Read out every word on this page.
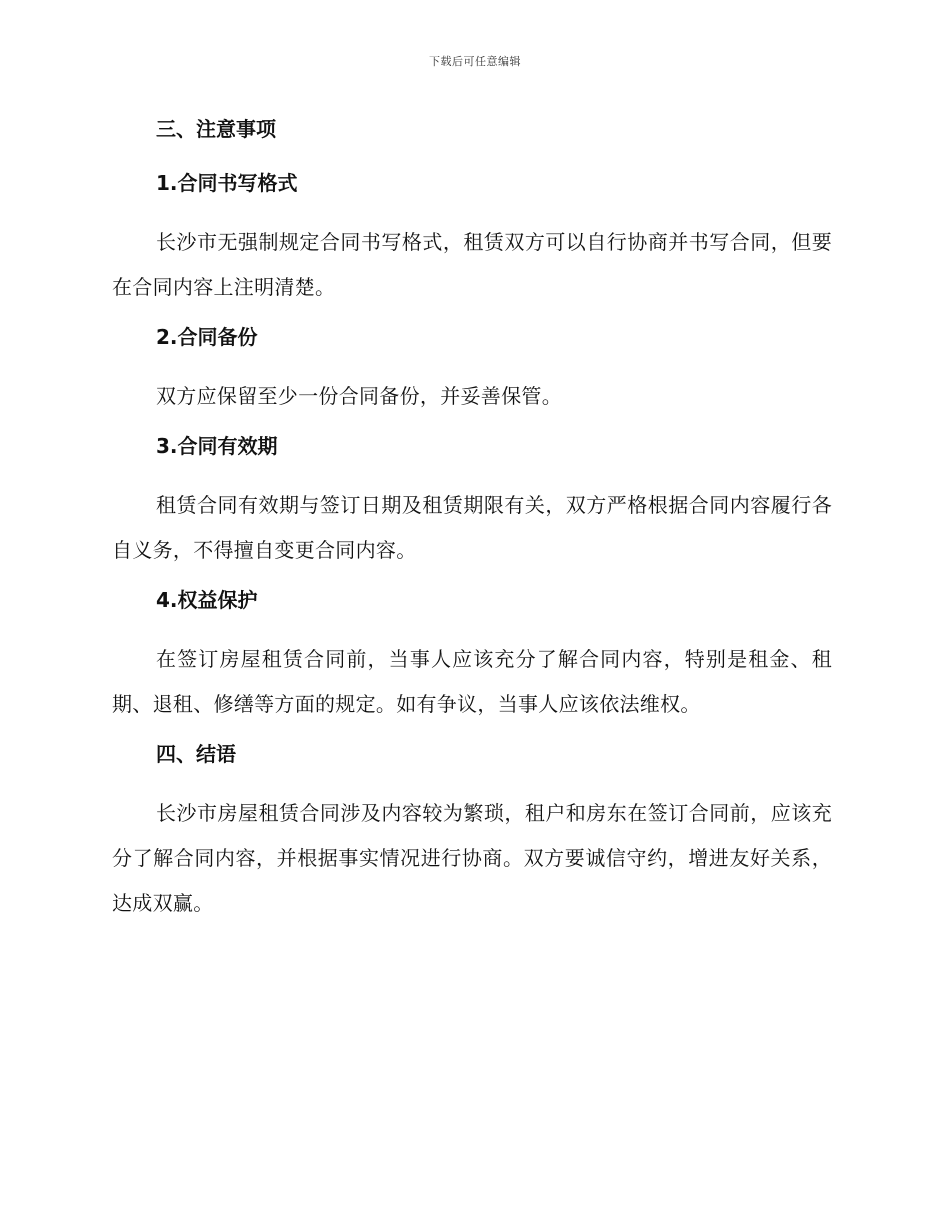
下载后可任意编辑

三、注意事项

1.合同书写格式

长沙市无强制规定合同书写格式，租赁双方可以自行协商并书写合同，但要在合同内容上注明清楚。

2.合同备份

双方应保留至少一份合同备份，并妥善保管。

3.合同有效期

租赁合同有效期与签订日期及租赁期限有关，双方严格根据合同内容履行各自义务，不得擅自变更合同内容。

4.权益保护

在签订房屋租赁合同前，当事人应该充分了解合同内容，特别是租金、租期、退租、修缮等方面的规定。如有争议，当事人应该依法维权。

四、结语

长沙市房屋租赁合同涉及内容较为繁琐，租户和房东在签订合同前，应该充分了解合同内容，并根据事实情况进行协商。双方要诚信守约，增进友好关系，达成双赢。
